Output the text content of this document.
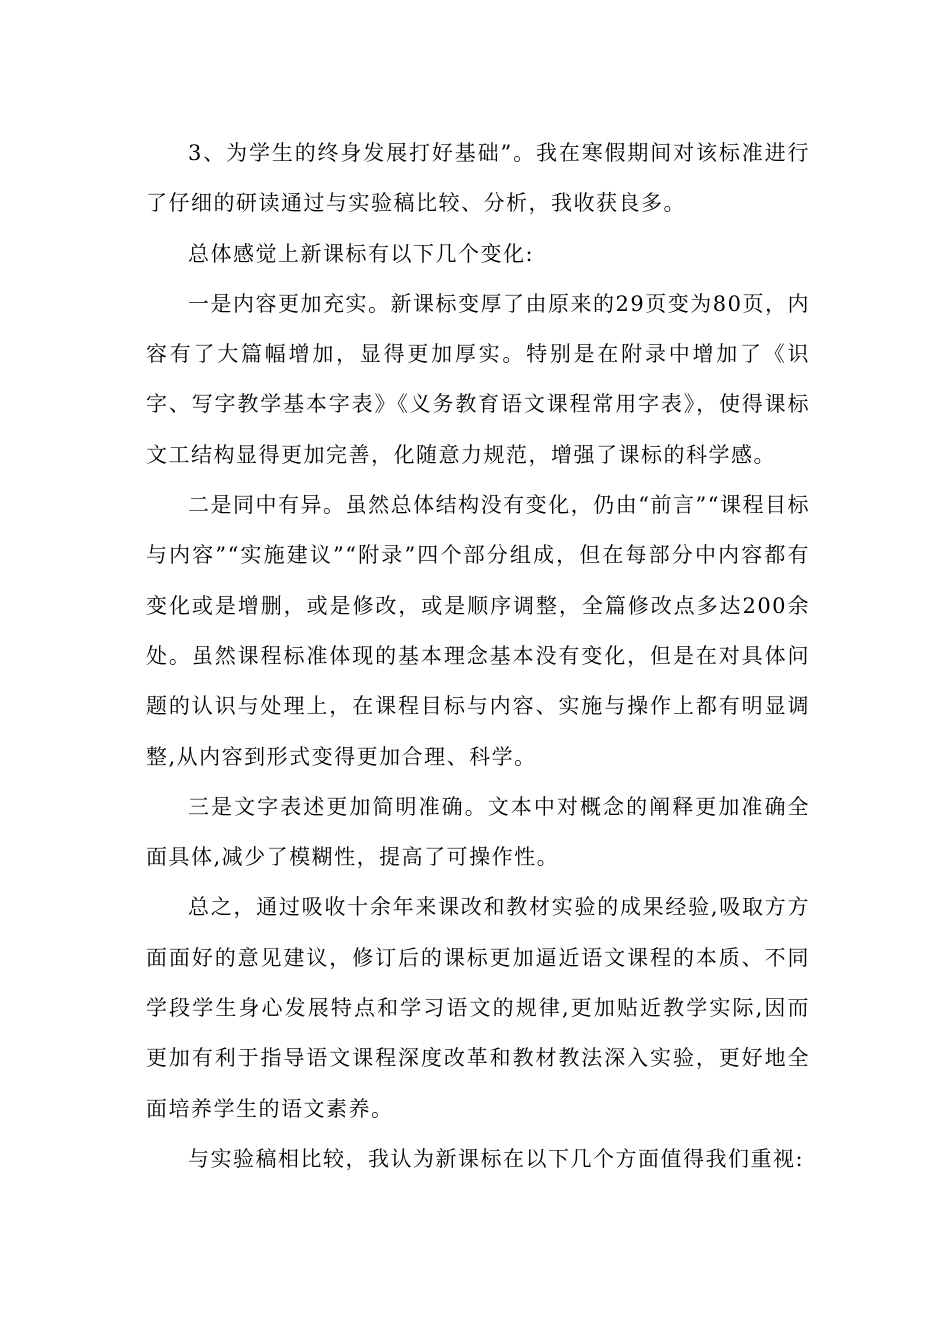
3、为学生的终身发展打好基础”。我在寒假期间对该标准进行了仔细的研读通过与实验稿比较、分析，我收获良多。

总体感觉上新课标有以下几个变化:

一是内容更加充实。新课标变厚了由原来的29页变为80页，内容有了大篇幅增加，显得更加厚实。特别是在附录中增加了《识字、写字教学基本字表》《义务教育语文课程常用字表》，使得课标文工结构显得更加完善，化随意力规范，增强了课标的科学感。

二是同中有异。虽然总体结构没有变化，仍由“前言”“课程目标与内容”“实施建议”“附录”四个部分组成，但在每部分中内容都有变化或是增删，或是修改，或是顺序调整，全篇修改点多达200余处。虽然课程标准体现的基本理念基本没有变化，但是在对具体问题的认识与处理上，在课程目标与内容、实施与操作上都有明显调整,从内容到形式变得更加合理、科学。

三是文字表述更加简明准确。文本中对概念的阐释更加准确全面具体,减少了模糊性，提高了可操作性。

总之，通过吸收十余年来课改和教材实验的成果经验,吸取方方面面好的意见建议，修订后的课标更加逼近语文课程的本质、不同学段学生身心发展特点和学习语文的规律,更加贴近教学实际,因而更加有利于指导语文课程深度改革和教材教法深入实验，更好地全面培养学生的语文素养。

与实验稿相比较，我认为新课标在以下几个方面值得我们重视:
